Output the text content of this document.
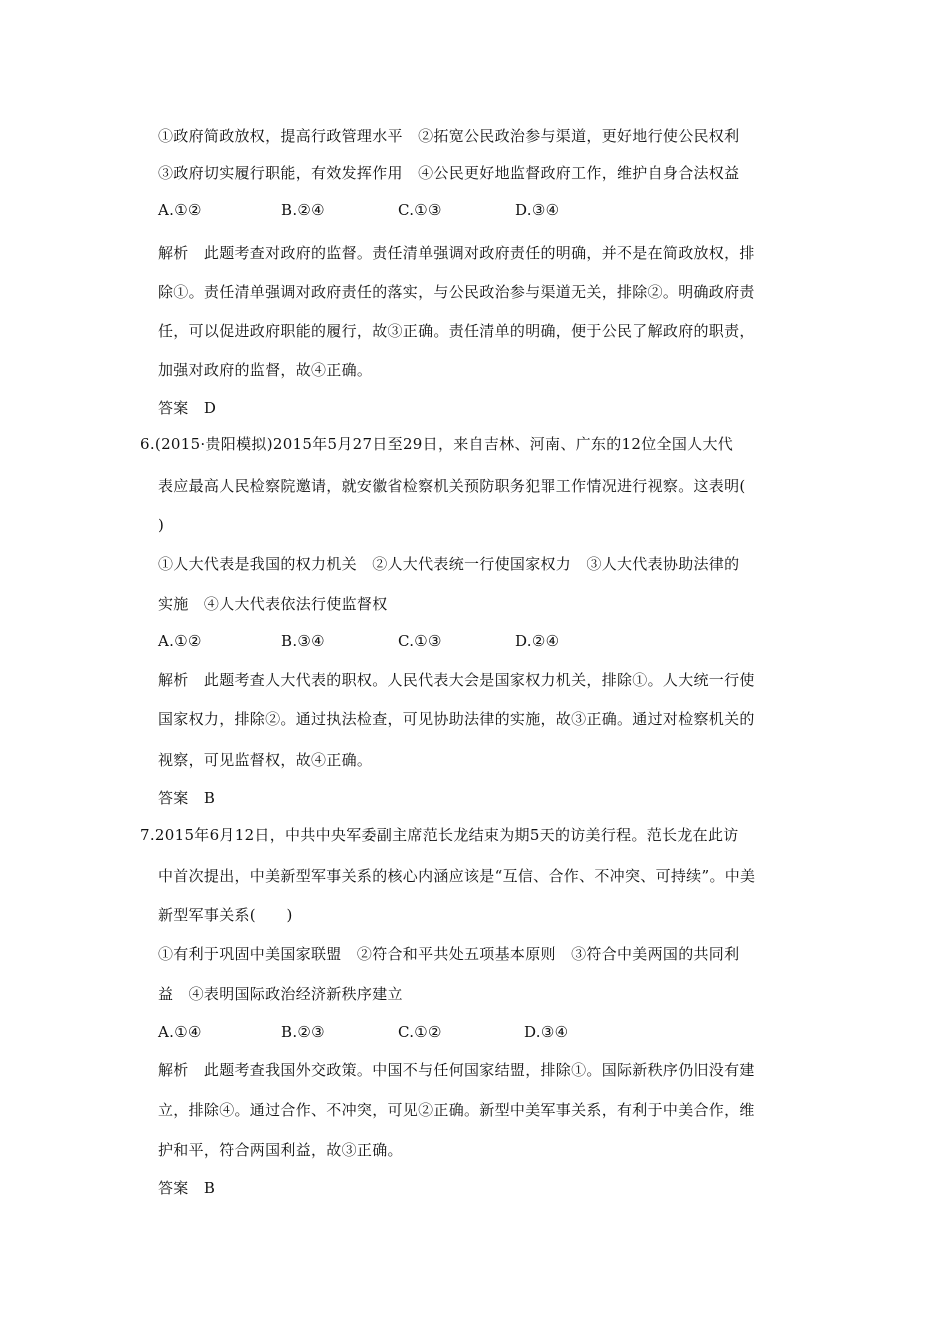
①政府简政放权，提高行政管理水平　②拓宽公民政治参与渠道，更好地行使公民权利
③政府切实履行职能，有效发挥作用　④公民更好地监督政府工作，维护自身合法权益
A.①②	B.②④	C.①③	D.③④
解析　此题考查对政府的监督。责任清单强调对政府责任的明确，并不是在简政放权，排
除①。责任清单强调对政府责任的落实，与公民政治参与渠道无关，排除②。明确政府责
任，可以促进政府职能的履行，故③正确。责任清单的明确，便于公民了解政府的职责，
加强对政府的监督，故④正确。
答案　D
6.(2015·贵阳模拟)2015年5月27日至29日，来自吉林、河南、广东的12位全国人大代
表应最高人民检察院邀请，就安徽省检察机关预防职务犯罪工作情况进行视察。这表明(
)
①人大代表是我国的权力机关　②人大代表统一行使国家权力　③人大代表协助法律的
实施　④人大代表依法行使监督权
A.①②	B.③④	C.①③	D.②④
解析　此题考查人大代表的职权。人民代表大会是国家权力机关，排除①。人大统一行使
国家权力，排除②。通过执法检查，可见协助法律的实施，故③正确。通过对检察机关的
视察，可见监督权，故④正确。
答案　B
7.2015年6月12日，中共中央军委副主席范长龙结束为期5天的访美行程。范长龙在此访
中首次提出，中美新型军事关系的核心内涵应该是“互信、合作、不冲突、可持续”。中美
新型军事关系(　　)
①有利于巩固中美国家联盟　②符合和平共处五项基本原则　③符合中美两国的共同利
益　④表明国际政治经济新秩序建立
A.①④	B.②③	C.①②	D.③④
解析　此题考查我国外交政策。中国不与任何国家结盟，排除①。国际新秩序仍旧没有建
立，排除④。通过合作、不冲突，可见②正确。新型中美军事关系，有利于中美合作，维
护和平，符合两国利益，故③正确。
答案　B
